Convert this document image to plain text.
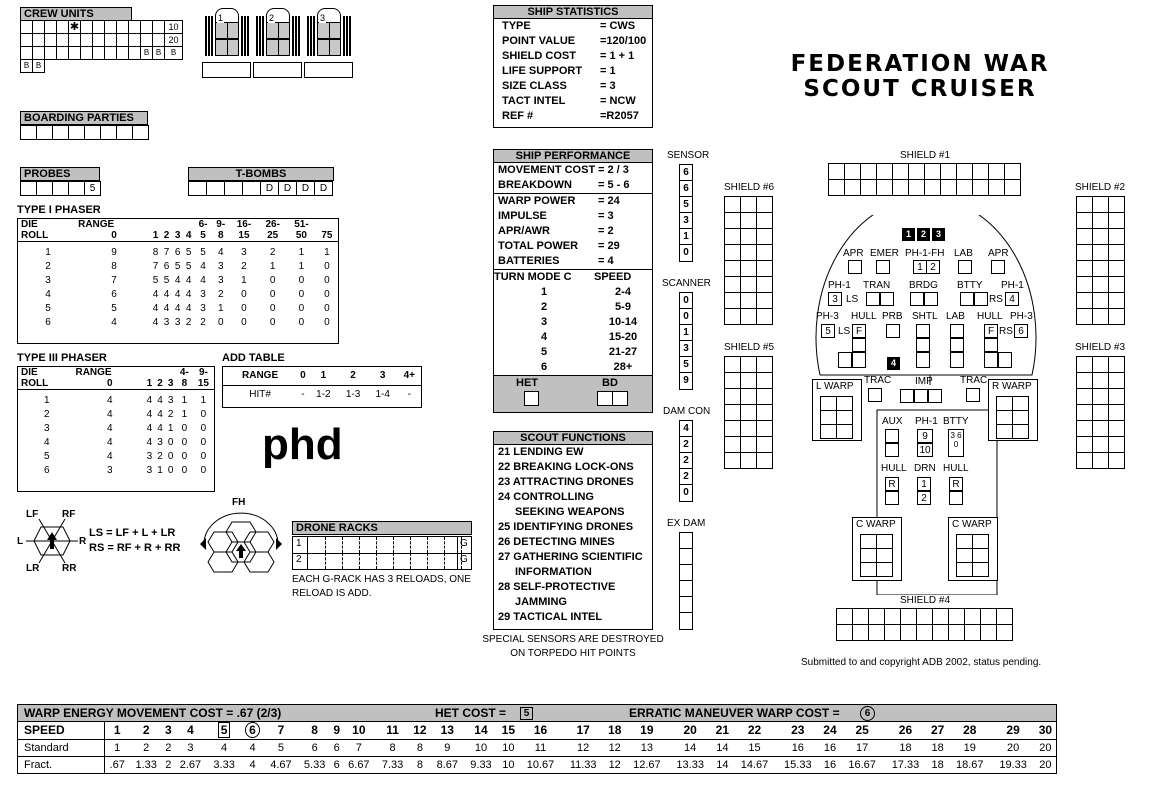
CREW UNITS
				✱								10
												20
										B	B	B
B	B											
1	2	3
BOARDING PARTIES

PROBES
				5
T-BOMBS
				D	D	D	D
TYPE I PHASER
DIE	RANGE					6-	9-	16-	26-	51-	
ROLL	0	1	2	3	4	5	8	15	25	50	75

1	9	8	7	6	5	5	4	3	2	1	1
2	8	7	6	5	5	4	3	2	1	1	0
3	7	5	5	4	4	4	3	1	0	0	0
4	6	4	4	4	4	3	2	0	0	0	0
5	5	4	4	4	4	3	1	0	0	0	0
6	4	4	3	3	2	2	0	0	0	0	0
TYPE III PHASER
DIE	RANGE				4-	9-
ROLL	0	1	2	3	8	15

1	4	4	4	3	1	1
2	4	4	4	2	1	0
3	4	4	4	1	0	0
4	4	4	3	0	0	0
5	4	3	2	0	0	0
6	3	3	1	0	0	0
ADD TABLE
RANGE	0	1	2	3	4+
HIT#	-	1-2	1-3	1-4	-
phd
LF RF
L	R
LR RR
LS = LF + L + LR
RS = RF + R + RR
FH
DRONE RACKS
1	G
2	G
EACH G-RACK HAS 3 RELOADS, ONE RELOAD IS ADD.
SHIP STATISTICS
TYPE	= CWS
POINT VALUE	=120/100
SHIELD COST	= 1 + 1
LIFE SUPPORT	= 1
SIZE CLASS	= 3
TACT INTEL	= NCW
REF #	=R2057
FEDERATION WAR
SCOUT CRUISER
SHIP PERFORMANCE
MOVEMENT COST	= 2 / 3
BREAKDOWN	= 5 - 6
WARP POWER	= 24
IMPULSE	= 3
APR/AWR	= 2
TOTAL POWER	= 29
BATTERIES	= 4
TURN MODE C	SPEED
1	2-4
2	5-9
3	10-14
4	15-20
5	21-27
6	28+
HET	BD
SCOUT FUNCTIONS
21 LENDING EW
22 BREAKING LOCK-ONS
23 ATTRACTING DRONES
24 CONTROLLING
SEEKING WEAPONS
25 IDENTIFYING DRONES
26 DETECTING MINES
27 GATHERING SCIENTIFIC
INFORMATION
28 SELF-PROTECTIVE
JAMMING
29 TACTICAL INTEL
SPECIAL SENSORS ARE DESTROYED
ON TORPEDO HIT POINTS
SENSOR
6
6
5
3
1
0
SCANNER
0
0
1
3
5
9
DAM CON
4
2
2
2
0
EX DAM
SHIELD #1
SHIELD #6	SHIELD #2
SHIELD #5	SHIELD #3
SHIELD #4
1	2	3
APR EMER PH-1-FH LAB APR
1 2
PH-1 TRAN BRDG BTTY PH-1
3 LS	RS 4
PH-3 HULL PRB SHTL LAB HULL PH-3
5 LS F	F RS 6
4
TRAC IMP	TRAC
L WARP	R WARP
AUX PH-1 BTTY
9
10
3 6 0
HULL DRN HULL
R	1
2
R
C WARP	C WARP
Submitted to and copyright ADB 2002, status pending.
WARP ENERGY MOVEMENT COST = .67 (2/3)	HET COST =	5	ERRATIC MANEUVER WARP COST =	6
SPEED	1	2	3	4	5	6	7	8	9	10	11	12	13	14	15	16	17	18	19	20	21	22	23	24	25	26	27	28	29	30
Standard	1	2	2	3	4	4	5	6	6	7	8	8	9	10	10	11	12	12	13	14	14	15	16	16	17	18	18	19	20	20
Fract.	.67	1.33	2	2.67	3.33	4	4.67	5.33	6	6.67	7.33	8	8.67	9.33	10	10.67	11.33	12	12.67	13.33	14	14.67	15.33	16	16.67	17.33	18	18.67	19.33	20
